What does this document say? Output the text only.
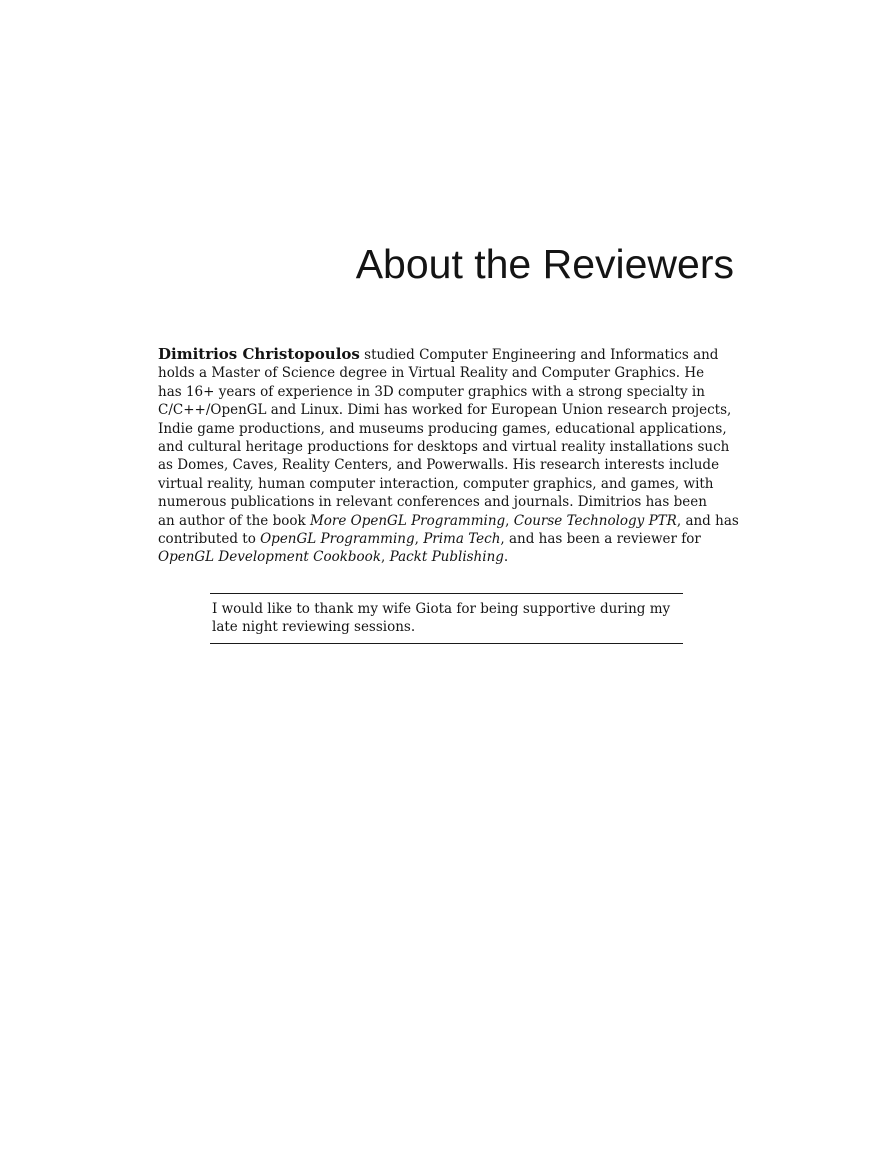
About the Reviewers
Dimitrios Christopoulos studied Computer Engineering and Informatics and
holds a Master of Science degree in Virtual Reality and Computer Graphics. He
has 16+ years of experience in 3D computer graphics with a strong specialty in
C/C++/OpenGL and Linux. Dimi has worked for European Union research projects,
Indie game productions, and museums producing games, educational applications,
and cultural heritage productions for desktops and virtual reality installations such
as Domes, Caves, Reality Centers, and Powerwalls. His research interests include
virtual reality, human computer interaction, computer graphics, and games, with
numerous publications in relevant conferences and journals. Dimitrios has been
an author of the book More OpenGL Programming, Course Technology PTR, and has
contributed to OpenGL Programming, Prima Tech, and has been a reviewer for
OpenGL Development Cookbook, Packt Publishing.
I would like to thank my wife Giota for being supportive during my
late night reviewing sessions.
